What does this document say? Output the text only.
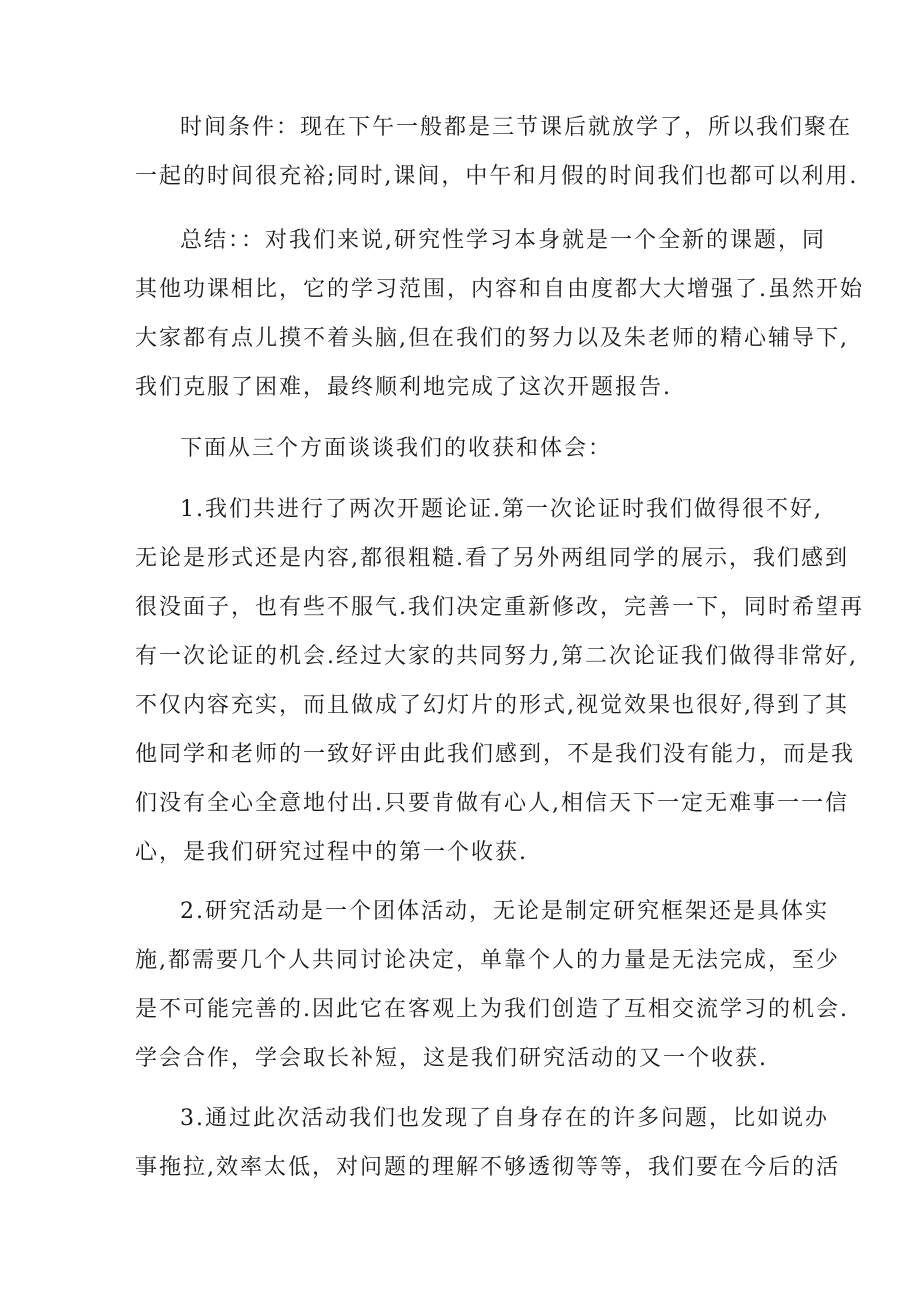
时间条件：现在下午一般都是三节课后就放学了，所以我们聚在
一起的时间很充裕;同时,课间，中午和月假的时间我们也都可以利用.
总结：：对我们来说,研究性学习本身就是一个全新的课题，同
其他功课相比，它的学习范围，内容和自由度都大大增强了.虽然开始
大家都有点儿摸不着头脑,但在我们的努力以及朱老师的精心辅导下,
我们克服了困难，最终顺利地完成了这次开题报告.
下面从三个方面谈谈我们的收获和体会：
1.我们共进行了两次开题论证.第一次论证时我们做得很不好,
无论是形式还是内容,都很粗糙.看了另外两组同学的展示，我们感到
很没面子，也有些不服气.我们决定重新修改，完善一下，同时希望再
有一次论证的机会.经过大家的共同努力,第二次论证我们做得非常好,
不仅内容充实，而且做成了幻灯片的形式,视觉效果也很好,得到了其
他同学和老师的一致好评由此我们感到，不是我们没有能力，而是我
们没有全心全意地付出.只要肯做有心人,相信天下一定无难事一一信
心，是我们研究过程中的第一个收获.
2.研究活动是一个团体活动，无论是制定研究框架还是具体实
施,都需要几个人共同讨论决定，单靠个人的力量是无法完成，至少
是不可能完善的.因此它在客观上为我们创造了互相交流学习的机会.
学会合作，学会取长补短，这是我们研究活动的又一个收获.
3.通过此次活动我们也发现了自身存在的许多问题，比如说办
事拖拉,效率太低，对问题的理解不够透彻等等，我们要在今后的活
